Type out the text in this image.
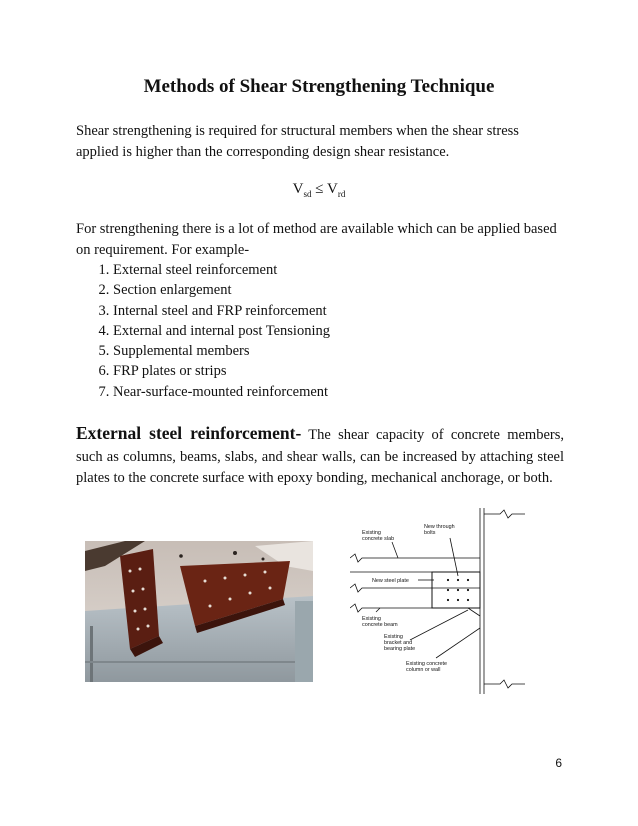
Methods of Shear Strengthening Technique

Shear strengthening is required for structural members when the shear stress applied is higher than the corresponding design shear resistance.

$V_{sd} \le V_{rd}$

For strengthening there is a lot of method are available which can be applied based on requirement. For example-

1. External steel reinforcement
2. Section enlargement
3. Internal steel and FRP reinforcement
4. External and internal post Tensioning
5. Supplemental members
6. FRP plates or strips
7. Near-surface-mounted reinforcement

External steel reinforcement- The shear capacity of concrete members, such as columns, beams, slabs, and shear walls, can be increased by attaching steel plates to the concrete surface with epoxy bonding, mechanical anchorage, or both.

Existing
concrete slab
New through
bolts
New steel plate
Existing
concrete beam
Existing
bracket and
bearing plate
Existing concrete
column or wall
6
